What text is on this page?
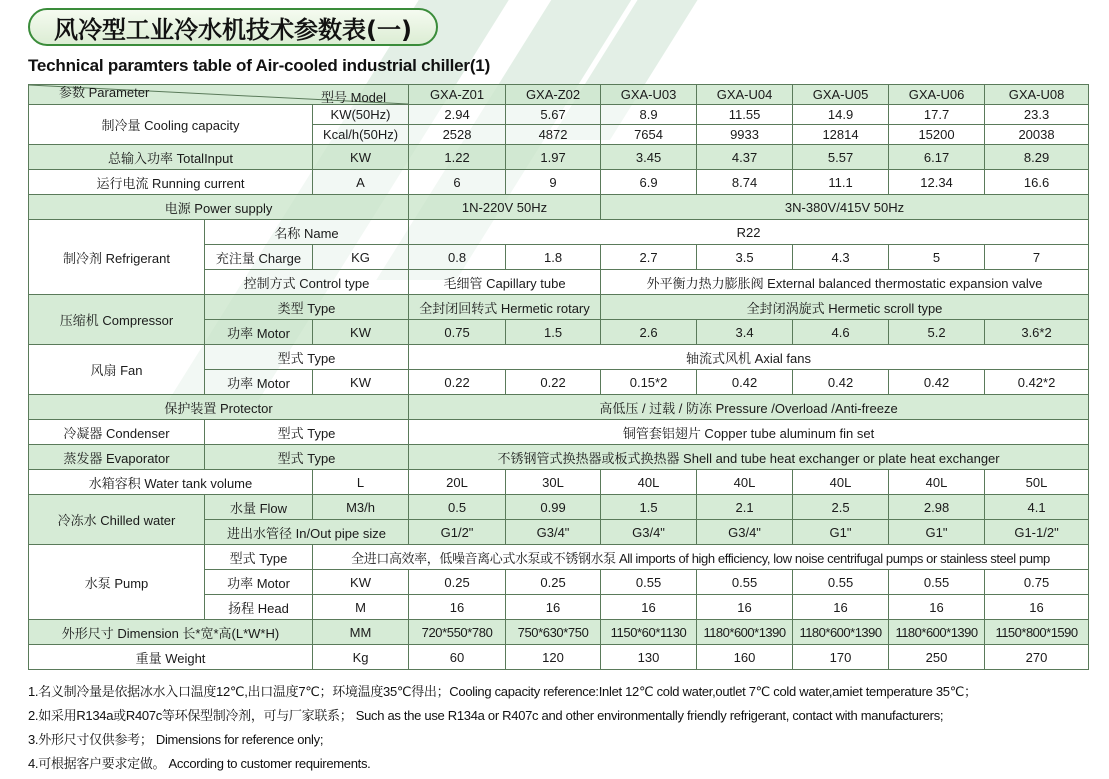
风冷型工业冷水机技术参数表(一)
Technical paramters table of Air-cooled industrial chiller(1)
型号 Model
参数 Parameter			GXA-Z01	GXA-Z02	GXA-U03	GXA-U04	GXA-U05	GXA-U06	GXA-U08
制冷量 Cooling capacity		KW(50Hz)	2.94	5.67	8.9	11.55	14.9	17.7	23.3
		Kcal/h(50Hz)	2528	4872	7654	9933	12814	15200	20038
总输入功率 TotalInput		KW	1.22	1.97	3.45	4.37	5.57	6.17	8.29
运行电流 Running current		A	6	9	6.9	8.74	11.1	12.34	16.6
电源 Power supply			1N-220V 50Hz		3N-380V/415V 50Hz				
制冷剂 Refrigerant	名称 Name		R22						
	充注量 Charge	KG	0.8	1.8	2.7	3.5	4.3	5	7
	控制方式 Control type		毛细管 Capillary tube		外平衡力热力膨胀阀 External balanced thermostatic expansion valve				
压缩机 Compressor	类型 Type		全封闭回转式 Hermetic rotary		全封闭涡旋式 Hermetic scroll type				
	功率 Motor	KW	0.75	1.5	2.6	3.4	4.6	5.2	3.6*2
风扇 Fan	型式 Type		轴流式风机 Axial fans						
	功率 Motor	KW	0.22	0.22	0.15*2	0.42	0.42	0.42	0.42*2
保护装置 Protector			高低压 / 过载 / 防冻 Pressure /Overload /Anti-freeze						
冷凝器 Condenser	型式 Type		铜管套铝翅片 Copper tube aluminum fin set						
蒸发器 Evaporator	型式 Type		不锈钢管式换热器或板式换热器 Shell and tube heat exchanger or plate heat exchanger						
水箱容积 Water tank volume		L	20L	30L	40L	40L	40L	40L	50L
冷冻水 Chilled water	水量 Flow	M3/h	0.5	0.99	1.5	2.1	2.5	2.98	4.1
	进出水管径 In/Out pipe size		G1/2"	G3/4"	G3/4"	G3/4"	G1"	G1"	G1-1/2"
水泵 Pump	型式 Type	全进口高效率，低噪音离心式水泵或不锈钢水泵 All imports of high efficiency, low noise centrifugal pumps or stainless steel pump							
	功率 Motor	KW	0.25	0.25	0.55	0.55	0.55	0.55	0.75
	扬程 Head	M	16	16	16	16	16	16	16
外形尺寸 Dimension 长*宽*高(L*W*H)		MM	720*550*780	750*630*750	1150*60*1130	1180*600*1390	1180*600*1390	1180*600*1390	1150*800*1590
重量 Weight		Kg	60	120	130	160	170	250	270
1.名义制冷量是依据冰水入口温度12℃,出口温度7℃；环境温度35℃得出；Cooling capacity reference:Inlet 12℃ cold water,outlet 7℃ cold water,amiet temperature 35℃；
2.如采用R134a或R407c等环保型制冷剂，可与厂家联系； Such as the use R134a or R407c and other environmentally friendly refrigerant, contact with manufacturers;
3.外形尺寸仅供参考； Dimensions for reference only;
4.可根据客户要求定做。 According to customer requirements.
